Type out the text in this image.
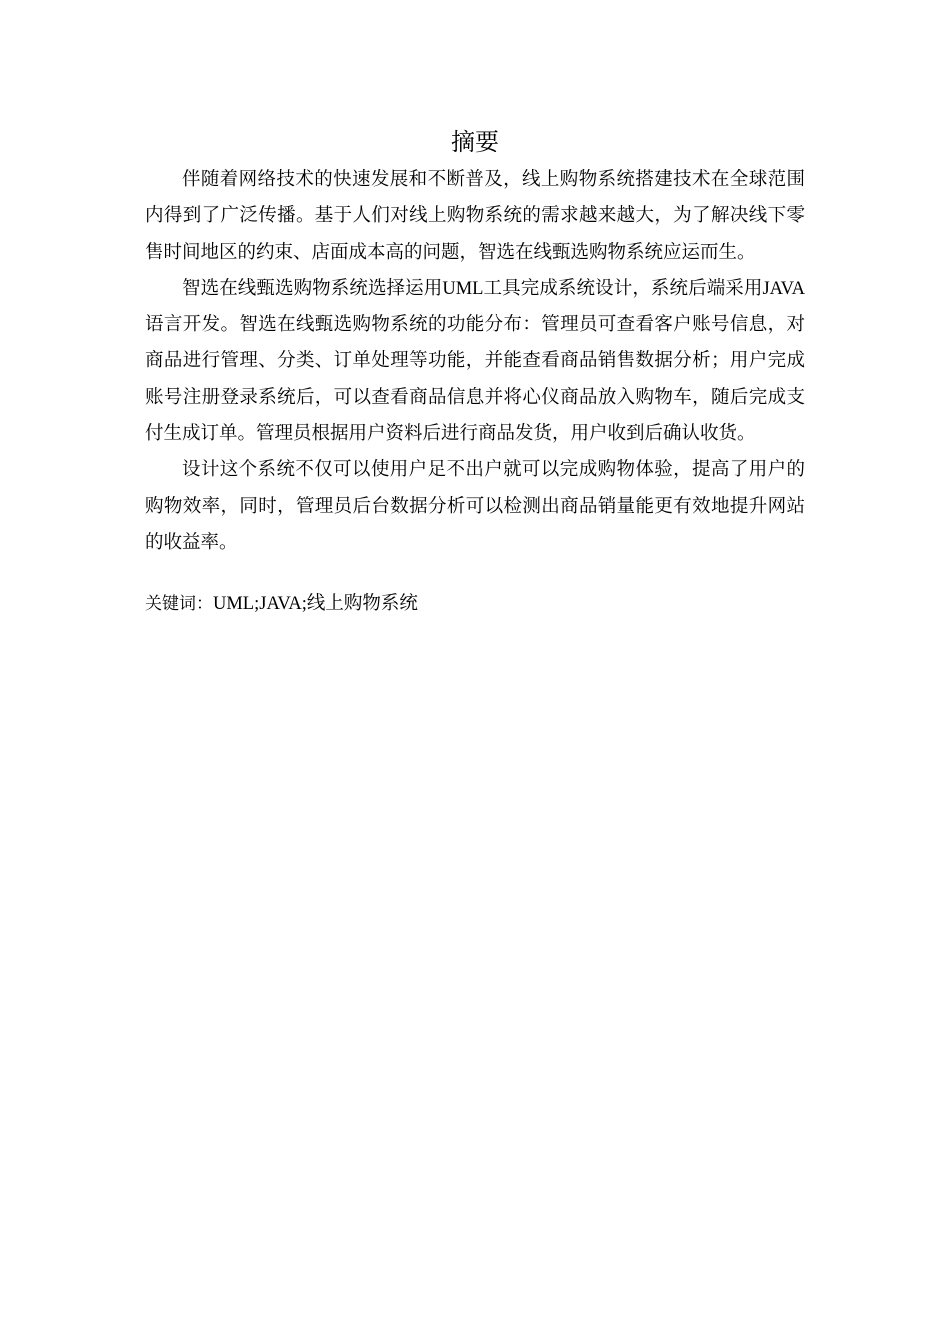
摘要

伴随着网络技术的快速发展和不断普及，线上购物系统搭建技术在全球范围内得到了广泛传播。基于人们对线上购物系统的需求越来越大，为了解决线下零售时间地区的约束、店面成本高的问题，智选在线甄选购物系统应运而生。

智选在线甄选购物系统选择运用UML工具完成系统设计，系统后端采用JAVA语言开发。智选在线甄选购物系统的功能分布：管理员可查看客户账号信息，对商品进行管理、分类、订单处理等功能，并能查看商品销售数据分析；用户完成账号注册登录系统后，可以查看商品信息并将心仪商品放入购物车，随后完成支付生成订单。管理员根据用户资料后进行商品发货，用户收到后确认收货。

设计这个系统不仅可以使用户足不出户就可以完成购物体验，提高了用户的购物效率，同时，管理员后台数据分析可以检测出商品销量能更有效地提升网站的收益率。

关键词：UML;JAVA;线上购物系统
